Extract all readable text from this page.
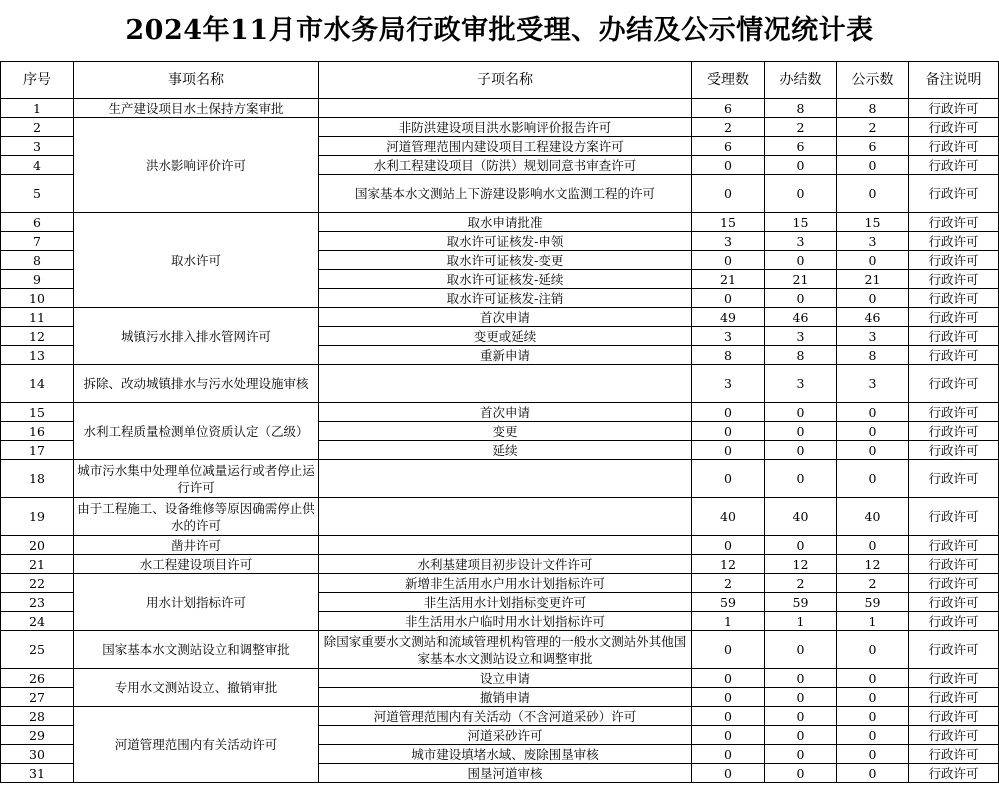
2024年11月市水务局行政审批受理、办结及公示情况统计表
序号	事项名称	子项名称	受理数	办结数	公示数	备注说明
1	生产建设项目水土保持方案审批		6	8	8	行政许可
2	洪水影响评价许可	非防洪建设项目洪水影响评价报告许可	2	2	2	行政许可
3		河道管理范围内建设项目工程建设方案许可	6	6	6	行政许可
4		水利工程建设项目（防洪）规划同意书审查许可	0	0	0	行政许可
5		国家基本水文测站上下游建设影响水文监测工程的许可	0	0	0	行政许可
6	取水许可	取水申请批准	15	15	15	行政许可
7		取水许可证核发-申领	3	3	3	行政许可
8		取水许可证核发-变更	0	0	0	行政许可
9		取水许可证核发-延续	21	21	21	行政许可
10		取水许可证核发-注销	0	0	0	行政许可
11	城镇污水排入排水管网许可	首次申请	49	46	46	行政许可
12		变更或延续	3	3	3	行政许可
13		重新申请	8	8	8	行政许可
14	拆除、改动城镇排水与污水处理设施审核		3	3	3	行政许可
15	水利工程质量检测单位资质认定（乙级）	首次申请	0	0	0	行政许可
16		变更	0	0	0	行政许可
17		延续	0	0	0	行政许可
18	城市污水集中处理单位减量运行或者停止运行许可		0	0	0	行政许可
19	由于工程施工、设备维修等原因确需停止供水的许可		40	40	40	行政许可
20	凿井许可		0	0	0	行政许可
21	水工程建设项目许可	水利基建项目初步设计文件许可	12	12	12	行政许可
22	用水计划指标许可	新增非生活用水户用水计划指标许可	2	2	2	行政许可
23		非生活用水计划指标变更许可	59	59	59	行政许可
24		非生活用水户临时用水计划指标许可	1	1	1	行政许可
25	国家基本水文测站设立和调整审批	除国家重要水文测站和流域管理机构管理的一般水文测站外其他国家基本水文测站设立和调整审批	0	0	0	行政许可
26	专用水文测站设立、撤销审批	设立申请	0	0	0	行政许可
27		撤销申请	0	0	0	行政许可
28	河道管理范围内有关活动许可	河道管理范围内有关活动（不含河道采砂）许可	0	0	0	行政许可
29		河道采砂许可	0	0	0	行政许可
30		城市建设填堵水域、废除围垦审核	0	0	0	行政许可
31		围垦河道审核	0	0	0	行政许可
